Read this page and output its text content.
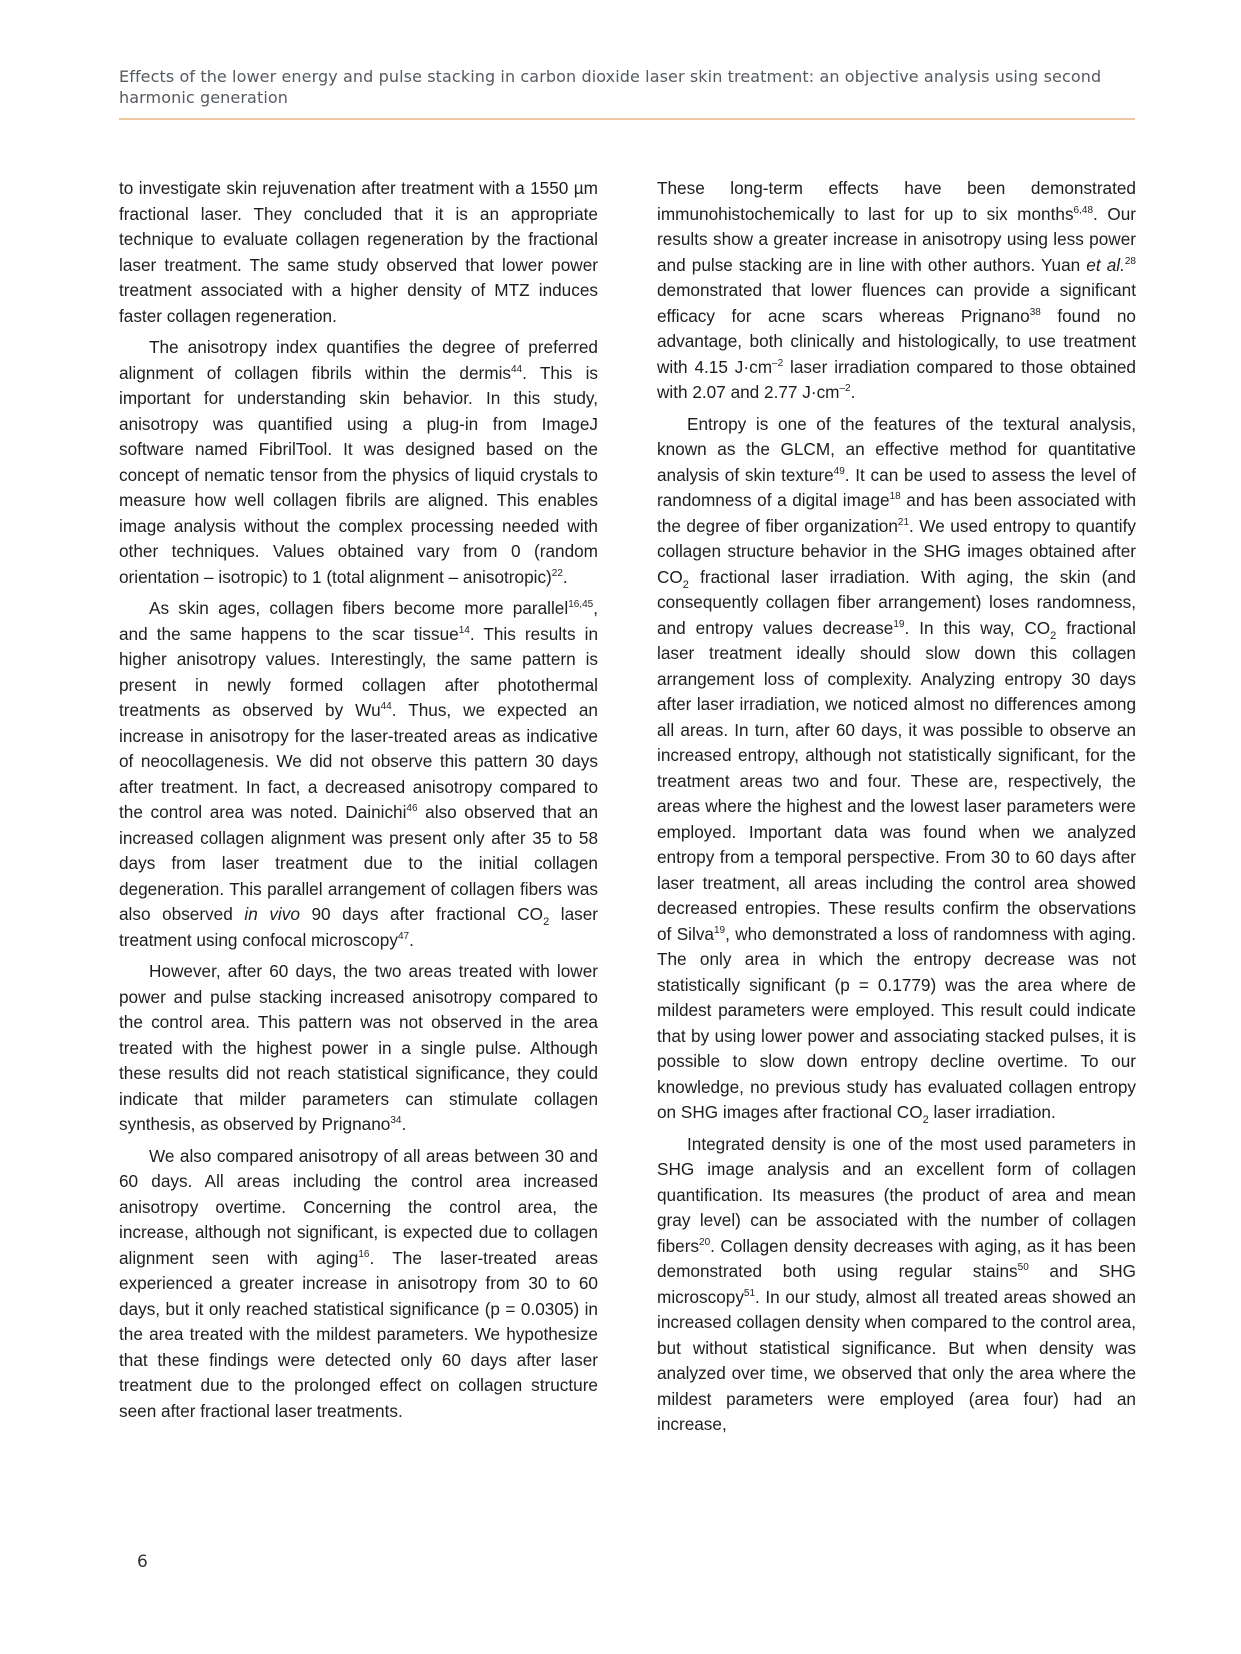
Effects of the lower energy and pulse stacking in carbon dioxide laser skin treatment: an objective analysis using second harmonic generation

to investigate skin rejuvenation after treatment with a 1550 µm fractional laser. They concluded that it is an appropriate technique to evaluate collagen regeneration by the fractional laser treatment. The same study observed that lower power treatment associated with a higher density of MTZ induces faster collagen regeneration.

The anisotropy index quantifies the degree of preferred alignment of collagen fibrils within the dermis$^{44}$. This is important for understanding skin behavior. In this study, anisotropy was quantified using a plug-in from ImageJ software named FibrilTool. It was designed based on the concept of nematic tensor from the physics of liquid crystals to measure how well collagen fibrils are aligned. This enables image analysis without the complex processing needed with other techniques. Values obtained vary from 0 (random orientation – isotropic) to 1 (total alignment – anisotropic)$^{22}$.

As skin ages, collagen fibers become more parallel$^{16,45}$, and the same happens to the scar tissue$^{14}$. This results in higher anisotropy values. Interestingly, the same pattern is present in newly formed collagen after photothermal treatments as observed by Wu$^{44}$. Thus, we expected an increase in anisotropy for the laser-treated areas as indicative of neocollagenesis. We did not observe this pattern 30 days after treatment. In fact, a decreased anisotropy compared to the control area was noted. Dainichi$^{46}$ also observed that an increased collagen alignment was present only after 35 to 58 days from laser treatment due to the initial collagen degeneration. This parallel arrangement of collagen fibers was also observed in vivo 90 days after fractional $CO_2$ laser treatment using confocal microscopy$^{47}$.

However, after 60 days, the two areas treated with lower power and pulse stacking increased anisotropy compared to the control area. This pattern was not observed in the area treated with the highest power in a single pulse. Although these results did not reach statistical significance, they could indicate that milder parameters can stimulate collagen synthesis, as observed by Prignano$^{34}$.

We also compared anisotropy of all areas between 30 and 60 days. All areas including the control area increased anisotropy overtime. Concerning the control area, the increase, although not significant, is expected due to collagen alignment seen with aging$^{16}$. The laser-treated areas experienced a greater increase in anisotropy from 30 to 60 days, but it only reached statistical significance (p = 0.0305) in the area treated with the mildest parameters. We hypothesize that these findings were detected only 60 days after laser treatment due to the prolonged effect on collagen structure seen after fractional laser treatments.

These long-term effects have been demonstrated immunohistochemically to last for up to six months$^{6,48}$. Our results show a greater increase in anisotropy using less power and pulse stacking are in line with other authors. Yuan et al.$^{28}$ demonstrated that lower fluences can provide a significant efficacy for acne scars whereas Prignano$^{38}$ found no advantage, both clinically and histologically, to use treatment with 4.15 $J\cdot cm^{-2}$ laser irradiation compared to those obtained with 2.07 and 2.77 $J\cdot cm^{-2}$.

Entropy is one of the features of the textural analysis, known as the GLCM, an effective method for quantitative analysis of skin texture$^{49}$. It can be used to assess the level of randomness of a digital image$^{18}$ and has been associated with the degree of fiber organization$^{21}$. We used entropy to quantify collagen structure behavior in the SHG images obtained after $CO_2$ fractional laser irradiation. With aging, the skin (and consequently collagen fiber arrangement) loses randomness, and entropy values decrease$^{19}$. In this way, $CO_2$ fractional laser treatment ideally should slow down this collagen arrangement loss of complexity. Analyzing entropy 30 days after laser irradiation, we noticed almost no differences among all areas. In turn, after 60 days, it was possible to observe an increased entropy, although not statistically significant, for the treatment areas two and four. These are, respectively, the areas where the highest and the lowest laser parameters were employed. Important data was found when we analyzed entropy from a temporal perspective. From 30 to 60 days after laser treatment, all areas including the control area showed decreased entropies. These results confirm the observations of Silva$^{19}$, who demonstrated a loss of randomness with aging. The only area in which the entropy decrease was not statistically significant (p = 0.1779) was the area where de mildest parameters were employed. This result could indicate that by using lower power and associating stacked pulses, it is possible to slow down entropy decline overtime. To our knowledge, no previous study has evaluated collagen entropy on SHG images after fractional $CO_2$ laser irradiation.

Integrated density is one of the most used parameters in SHG image analysis and an excellent form of collagen quantification. Its measures (the product of area and mean gray level) can be associated with the number of collagen fibers$^{20}$. Collagen density decreases with aging, as it has been demonstrated both using regular stains$^{50}$ and SHG microscopy$^{51}$. In our study, almost all treated areas showed an increased collagen density when compared to the control area, but without statistical significance. But when density was analyzed over time, we observed that only the area where the mildest parameters were employed (area four) had an increase,

6
